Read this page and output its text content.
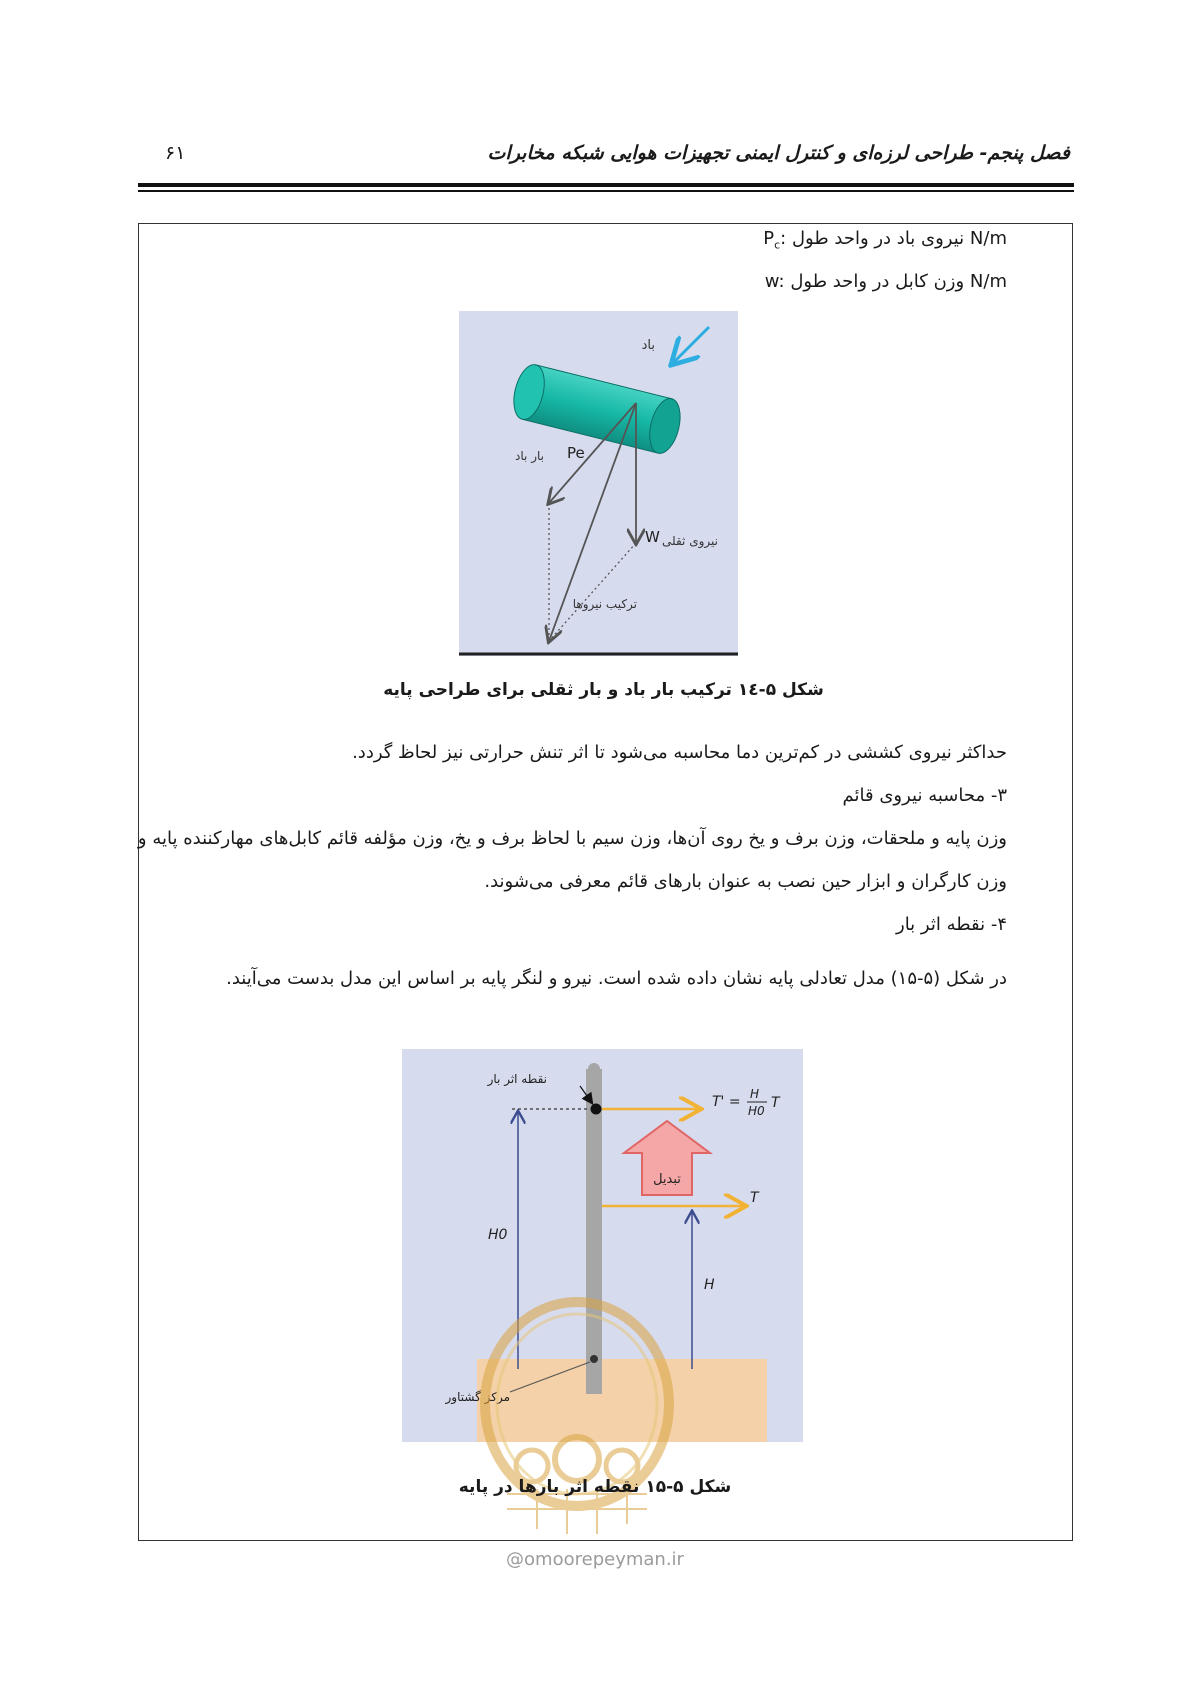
فصل پنجم- طراحی لرزه‌ای و کنترل ایمنی تجهیزات هوایی شبکه مخابرات
۶۱
$P_c$: نیروی باد در واحد طول N/m
w: وزن کابل در واحد طول N/m
باد
Pe
بار باد
W نیروی ثقلی
ترکیب نیروها
شکل ۵-۱٤ ترکیب بار باد و بار ثقلی برای طراحی پایه
حداکثر نیروی کششی در کم‌ترین دما محاسبه می‌شود تا اثر تنش حرارتی نیز لحاظ گردد.
۳- محاسبه نیروی قائم
وزن پایه و ملحقات، وزن برف و یخ روی آن‌ها، وزن سیم با لحاظ برف و یخ، وزن مؤلفه قائم کابل‌های مهارکننده پایه و
وزن کارگران و ابزار حین نصب به عنوان بارهای قائم معرفی می‌شوند.
۴- نقطه اثر بار
در شکل (۵-۱۵) مدل تعادلی پایه نشان داده شده است. نیرو و لنگر پایه بر اساس این مدل بدست می‌آیند.
نقطه اثر بار
T' = H
H0 T
تبدیل
T
H0
H
مرکز گشتاور
شکل ۵-۱۵ نقطه اثر بارها در پایه
@omoorepeyman.ir
